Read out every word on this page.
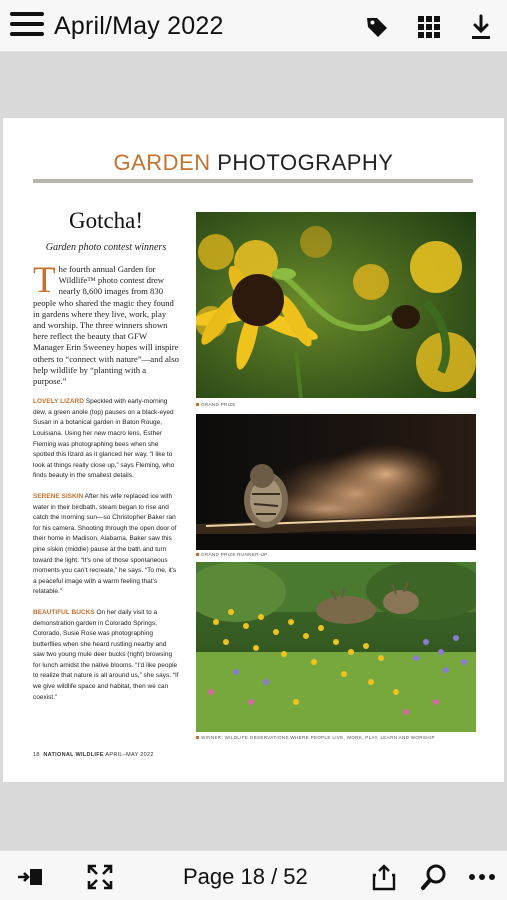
April/May 2022
GARDEN PHOTOGRAPHY
Gotcha!
Garden photo contest winners
The fourth annual Garden for Wildlife™ photo contest drew nearly 8,600 images from 830 people who shared the magic they found in gardens where they live, work, play and worship. The three winners shown here reflect the beauty that GFW Manager Erin Sweeney hopes will inspire others to “connect with nature”—and also help wildlife by “planting with a purpose.”
LOVELY LIZARD Speckled with early-morning dew, a green anole (top) pauses on a black-eyed Susan in a botanical garden in Baton Rouge, Louisiana. Using her new macro lens, Esther Fleming was photographing bees when she spotted this lizard as it glanced her way. “I like to look at things really close up,” says Fleming, who finds beauty in the smallest details.
SERENE SISKIN After his wife replaced ice with water in their birdbath, steam began to rise and catch the morning sun—so Christopher Baker ran for his camera. Shooting through the open door of their home in Madison, Alabama, Baker saw this pine siskin (middle) pause at the bath and turn toward the light. “It’s one of those spontaneous moments you can’t recreate,” he says. “To me, it’s a peaceful image with a warm feeling that’s relatable.”
BEAUTIFUL BUCKS On her daily visit to a demonstration garden in Colorado Springs, Colorado, Susie Rose was photographing butterflies when she heard rustling nearby and saw two young mule deer bucks (right) browsing for lunch amidst the native blooms. “I’d like people to realize that nature is all around us,” she says. “If we give wildlife space and habitat, then we can coexist.”
18 NATIONAL WILDLIFE APRIL–MAY 2022
GRAND PRIZE
GRAND PRIZE RUNNER-UP
WINNER: WILDLIFE OBSERVATIONS WHERE PEOPLE LIVE, WORK, PLAY, LEARN AND WORSHIP
Page 18 / 52
